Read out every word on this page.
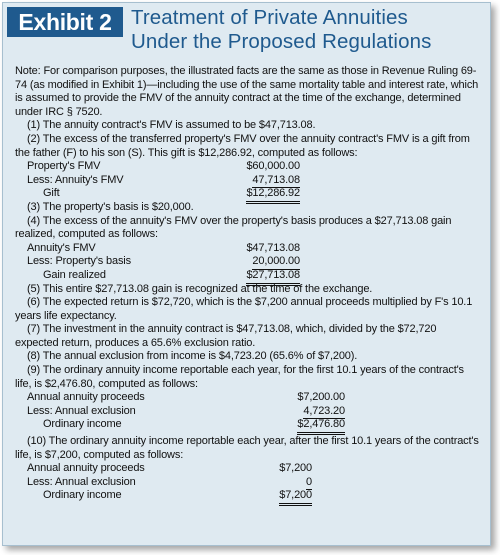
Exhibit 2 Treatment of Private Annuities
Under the Proposed Regulations

Note: For comparison purposes, the illustrated facts are the same as those in Revenue Ruling 69-74 (as modified in Exhibit 1)—including the use of the same mortality table and interest rate, which is assumed to provide the FMV of the annuity contract at the time of the exchange, determined under IRC § 7520.

(1) The annuity contract's FMV is assumed to be $47,713.08.

(2) The excess of the transferred property's FMV over the annuity contract's FMV is a gift from the father (F) to his son (S). This gift is $12,286.92, computed as follows:

Property's FMV	$60,000.00
Less: Annuity's FMV	47,713.08
Gift	$12,286.92

(3) The property's basis is $20,000.

(4) The excess of the annuity's FMV over the property's basis produces a $27,713.08 gain realized, computed as follows:

Annuity's FMV	$47,713.08
Less: Property's basis	20,000.00
Gain realized	$27,713.08

(5) This entire $27,713.08 gain is recognized at the time of the exchange.

(6) The expected return is $72,720, which is the $7,200 annual proceeds multiplied by F's 10.1 years life expectancy.

(7) The investment in the annuity contract is $47,713.08, which, divided by the $72,720 expected return, produces a 65.6% exclusion ratio.

(8) The annual exclusion from income is $4,723.20 (65.6% of $7,200).

(9) The ordinary annuity income reportable each year, for the first 10.1 years of the contract's life, is $2,476.80, computed as follows:

Annual annuity proceeds	$7,200.00
Less: Annual exclusion	4,723.20
Ordinary income	$2,476.80

(10) The ordinary annuity income reportable each year, after the first 10.1 years of the contract's life, is $7,200, computed as follows:

Annual annuity proceeds	$7,200
Less: Annual exclusion	0
Ordinary income	$7,200
